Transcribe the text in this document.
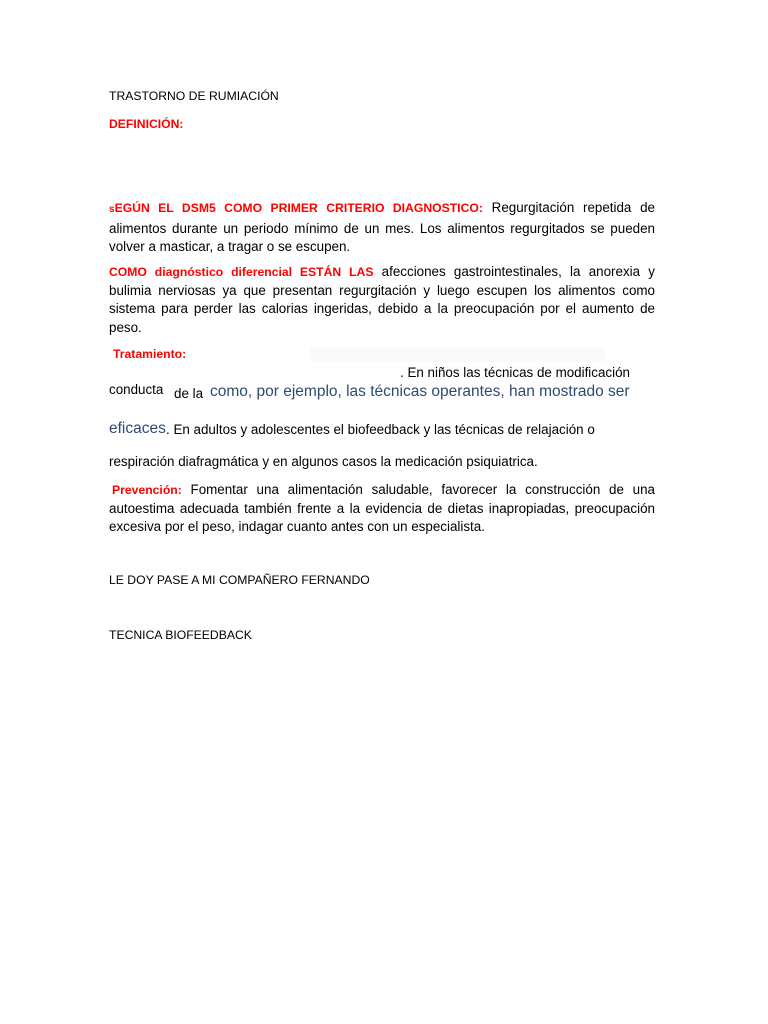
TRASTORNO DE RUMIACIÓN
DEFINICIÓN:
sEGÚN EL DSM5 COMO PRIMER CRITERIO DIAGNOSTICO: Regurgitación repetida de alimentos durante un periodo mínimo de un mes. Los alimentos regurgitados se pueden volver a masticar, a tragar o se escupen.
COMO diagnóstico diferencial ESTÁN LAS afecciones gastrointestinales, la anorexia y bulimia nerviosas ya que presentan regurgitación y luego escupen los alimentos como sistema para perder las calorias ingeridas, debido a la preocupación por el aumento de peso.
Tratamiento:
. En niños las técnicas de modificación
conducta de la como, por ejemplo, las técnicas operantes, han mostrado ser
eficaces . En adultos y adolescentes el biofeedback y las técnicas de relajación o
respiración diafragmática y en algunos casos la medicación psiquiatrica.
Prevención: Fomentar una alimentación saludable, favorecer la construcción de una autoestima adecuada también frente a la evidencia de dietas inapropiadas, preocupación excesiva por el peso, indagar cuanto antes con un especialista.
LE DOY PASE A MI COMPAÑERO FERNANDO
TECNICA BIOFEEDBACK
